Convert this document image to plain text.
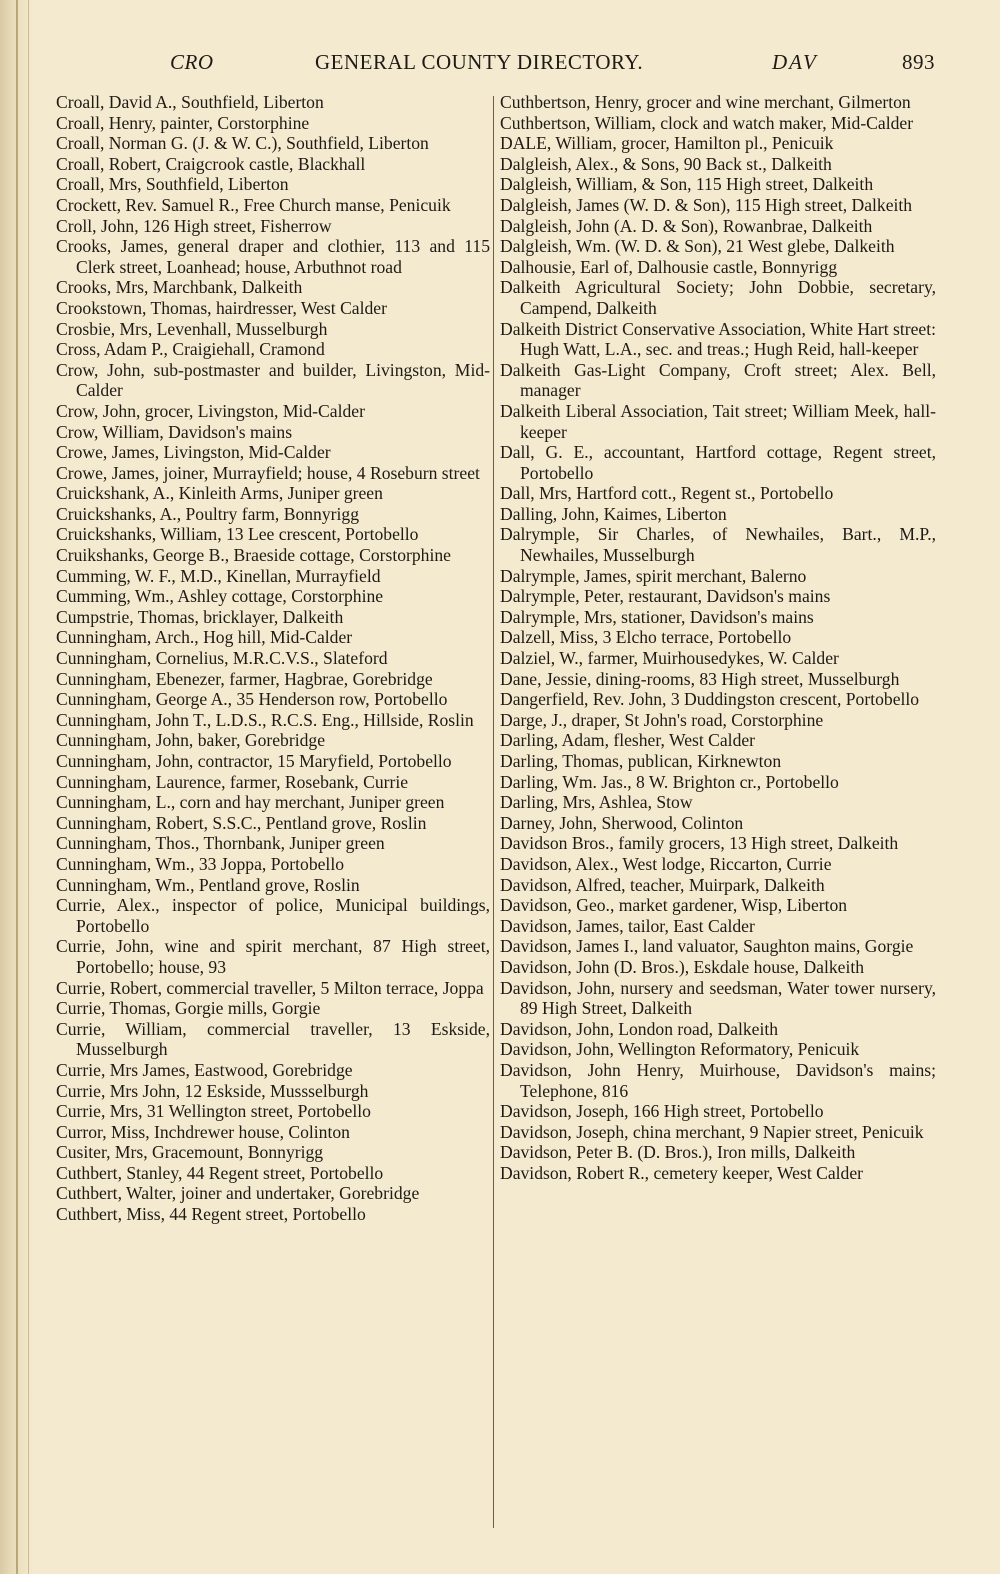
CRO	GENERAL COUNTY DIRECTORY.	DAV	893

Croall, David A., Southfield, Liberton

Croall, Henry, painter, Corstorphine

Croall, Norman G. (J. & W. C.), Southfield, Liberton

Croall, Robert, Craigcrook castle, Blackhall

Croall, Mrs, Southfield, Liberton

Crockett, Rev. Samuel R., Free Church manse, Penicuik

Croll, John, 126 High street, Fisherrow

Crooks, James, general draper and clothier, 113 and 115 Clerk street, Loanhead; house, Arbuthnot road

Crooks, Mrs, Marchbank, Dalkeith

Crookstown, Thomas, hairdresser, West Calder

Crosbie, Mrs, Levenhall, Musselburgh

Cross, Adam P., Craigiehall, Cramond

Crow, John, sub-postmaster and builder, Livingston, Mid-Calder

Crow, John, grocer, Livingston, Mid-Calder

Crow, William, Davidson's mains

Crowe, James, Livingston, Mid-Calder

Crowe, James, joiner, Murrayfield; house, 4 Roseburn street

Cruickshank, A., Kinleith Arms, Juniper green

Cruickshanks, A., Poultry farm, Bonnyrigg

Cruickshanks, William, 13 Lee crescent, Portobello

Cruikshanks, George B., Braeside cottage, Corstorphine

Cumming, W. F., M.D., Kinellan, Murrayfield

Cumming, Wm., Ashley cottage, Corstorphine

Cumpstrie, Thomas, bricklayer, Dalkeith

Cunningham, Arch., Hog hill, Mid-Calder

Cunningham, Cornelius, M.R.C.V.S., Slateford

Cunningham, Ebenezer, farmer, Hagbrae, Gorebridge

Cunningham, George A., 35 Henderson row, Portobello

Cunningham, John T., L.D.S., R.C.S. Eng., Hillside, Roslin

Cunningham, John, baker, Gorebridge

Cunningham, John, contractor, 15 Maryfield, Portobello

Cunningham, Laurence, farmer, Rosebank, Currie

Cunningham, L., corn and hay merchant, Juniper green

Cunningham, Robert, S.S.C., Pentland grove, Roslin

Cunningham, Thos., Thornbank, Juniper green

Cunningham, Wm., 33 Joppa, Portobello

Cunningham, Wm., Pentland grove, Roslin

Currie, Alex., inspector of police, Municipal buildings, Portobello

Currie, John, wine and spirit merchant, 87 High street, Portobello; house, 93

Currie, Robert, commercial traveller, 5 Milton terrace, Joppa

Currie, Thomas, Gorgie mills, Gorgie

Currie, William, commercial traveller, 13 Eskside, Musselburgh

Currie, Mrs James, Eastwood, Gorebridge

Currie, Mrs John, 12 Eskside, Mussselburgh

Currie, Mrs, 31 Wellington street, Portobello

Curror, Miss, Inchdrewer house, Colinton

Cusiter, Mrs, Gracemount, Bonnyrigg

Cuthbert, Stanley, 44 Regent street, Portobello

Cuthbert, Walter, joiner and undertaker, Gorebridge

Cuthbert, Miss, 44 Regent street, Portobello

Cuthbertson, Henry, grocer and wine merchant, Gilmerton

Cuthbertson, William, clock and watch maker, Mid-Calder

DALE, William, grocer, Hamilton pl., Penicuik

Dalgleish, Alex., & Sons, 90 Back st., Dalkeith

Dalgleish, William, & Son, 115 High street, Dalkeith

Dalgleish, James (W. D. & Son), 115 High street, Dalkeith

Dalgleish, John (A. D. & Son), Rowanbrae, Dalkeith

Dalgleish, Wm. (W. D. & Son), 21 West glebe, Dalkeith

Dalhousie, Earl of, Dalhousie castle, Bonnyrigg

Dalkeith Agricultural Society; John Dobbie, secretary, Campend, Dalkeith

Dalkeith District Conservative Association, White Hart street: Hugh Watt, L.A., sec. and treas.; Hugh Reid, hall-keeper

Dalkeith Gas-Light Company, Croft street; Alex. Bell, manager

Dalkeith Liberal Association, Tait street; William Meek, hall-keeper

Dall, G. E., accountant, Hartford cottage, Regent street, Portobello

Dall, Mrs, Hartford cott., Regent st., Portobello

Dalling, John, Kaimes, Liberton

Dalrymple, Sir Charles, of Newhailes, Bart., M.P., Newhailes, Musselburgh

Dalrymple, James, spirit merchant, Balerno

Dalrymple, Peter, restaurant, Davidson's mains

Dalrymple, Mrs, stationer, Davidson's mains

Dalzell, Miss, 3 Elcho terrace, Portobello

Dalziel, W., farmer, Muirhousedykes, W. Calder

Dane, Jessie, dining-rooms, 83 High street, Musselburgh

Dangerfield, Rev. John, 3 Duddingston crescent, Portobello

Darge, J., draper, St John's road, Corstorphine

Darling, Adam, flesher, West Calder

Darling, Thomas, publican, Kirknewton

Darling, Wm. Jas., 8 W. Brighton cr., Portobello

Darling, Mrs, Ashlea, Stow

Darney, John, Sherwood, Colinton

Davidson Bros., family grocers, 13 High street, Dalkeith

Davidson, Alex., West lodge, Riccarton, Currie

Davidson, Alfred, teacher, Muirpark, Dalkeith

Davidson, Geo., market gardener, Wisp, Liberton

Davidson, James, tailor, East Calder

Davidson, James I., land valuator, Saughton mains, Gorgie

Davidson, John (D. Bros.), Eskdale house, Dalkeith

Davidson, John, nursery and seedsman, Water tower nursery, 89 High Street, Dalkeith

Davidson, John, London road, Dalkeith

Davidson, John, Wellington Reformatory, Penicuik

Davidson, John Henry, Muirhouse, Davidson's mains; Telephone, 816

Davidson, Joseph, 166 High street, Portobello

Davidson, Joseph, china merchant, 9 Napier street, Penicuik

Davidson, Peter B. (D. Bros.), Iron mills, Dalkeith

Davidson, Robert R., cemetery keeper, West Calder
